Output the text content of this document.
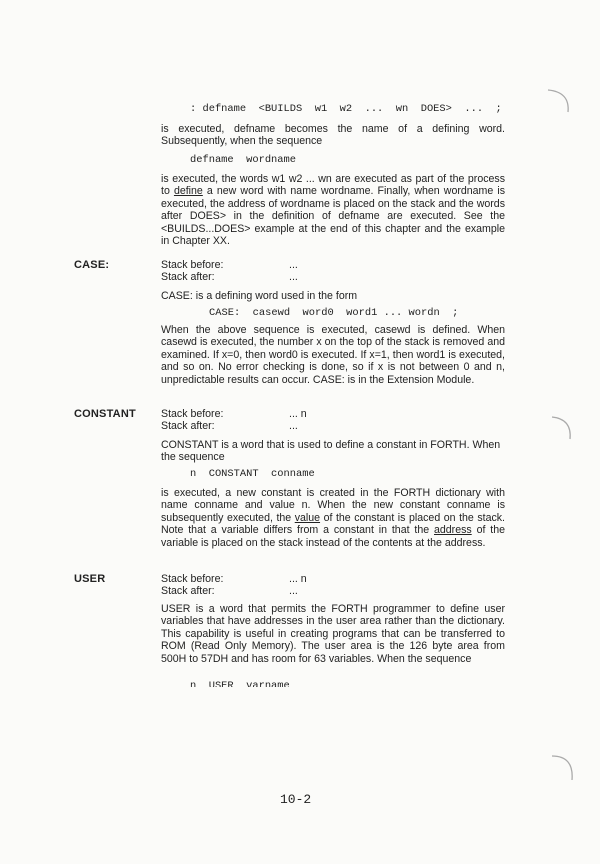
: defname  <BUILDS  w1  w2  ...  wn  DOES>  ...  ;
is executed, defname becomes the name of a defining word. Subsequently, when the sequence
defname  wordname
is executed, the words w1 w2 ... wn are executed as part of the process to define a new word with name wordname. Finally, when wordname is executed, the address of wordname is placed on the stack and the words after DOES> in the definition of defname are executed. See the <BUILDS...DOES> example at the end of this chapter and the example in Chapter XX.
CASE:	Stack before:	...
Stack after:	...
CASE: is a defining word used in the form
CASE:  casewd  word0  word1 ... wordn  ;
When the above sequence is executed, casewd is defined. When casewd is executed, the number x on the top of the stack is removed and examined. If x=0, then word0 is executed. If x=1, then word1 is executed, and so on. No error checking is done, so if x is not between 0 and n, unpredictable results can occur. CASE: is in the Extension Module.
CONSTANT Stack before:	... n
Stack after:	...
CONSTANT is a word that is used to define a constant in FORTH. When the sequence
n  CONSTANT  conname
is executed, a new constant is created in the FORTH dictionary with name conname and value n. When the new constant conname is subsequently executed, the value of the constant is placed on the stack. Note that a variable differs from a constant in that the address of the variable is placed on the stack instead of the contents at the address.
USER	Stack before:	... n
Stack after:	...
USER is a word that permits the FORTH programmer to define user variables that have addresses in the user area rather than the dictionary. This capability is useful in creating programs that can be transferred to ROM (Read Only Memory). The user area is the 126 byte area from 500H to 57DH and has room for 63 variables. When the sequence
n  USER  varname
10-2
